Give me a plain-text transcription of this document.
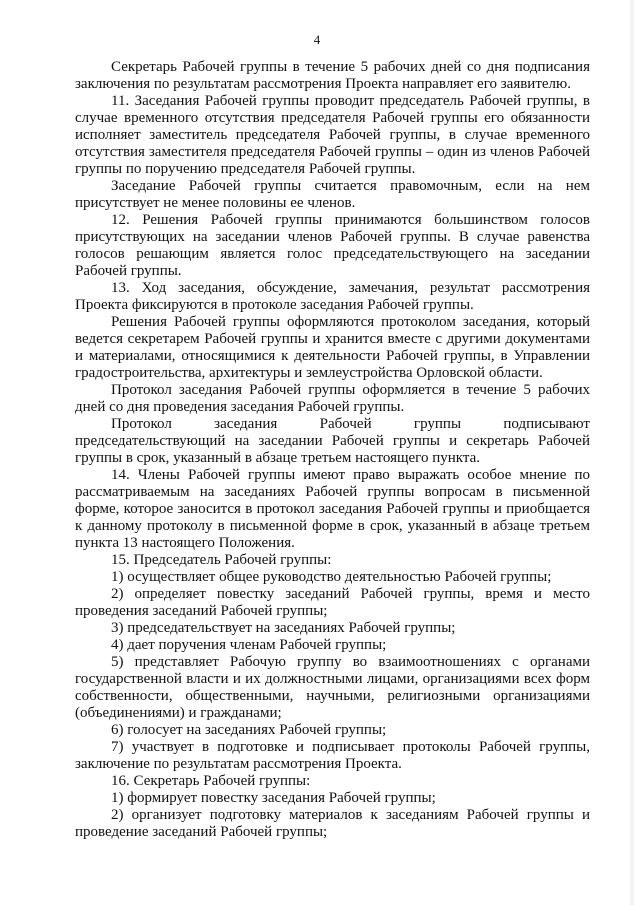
4
Секретарь Рабочей группы в течение 5 рабочих дней со дня подписания
заключения по результатам рассмотрения Проекта направляет его заявителю.
11. Заседания Рабочей группы проводит председатель Рабочей группы, в
случае временного отсутствия председателя Рабочей группы его обязанности
исполняет заместитель председателя Рабочей группы, в случае временного
отсутствия заместителя председателя Рабочей группы – один из членов Рабочей
группы по поручению председателя Рабочей группы.
Заседание Рабочей группы считается правомочным, если на нем
присутствует не менее половины ее членов.
12. Решения Рабочей группы принимаются большинством голосов
присутствующих на заседании членов Рабочей группы. В случае равенства
голосов решающим является голос председательствующего на заседании
Рабочей группы.
13. Ход заседания, обсуждение, замечания, результат рассмотрения
Проекта фиксируются в протоколе заседания Рабочей группы.
Решения Рабочей группы оформляются протоколом заседания, который
ведется секретарем Рабочей группы и хранится вместе с другими документами
и материалами, относящимися к деятельности Рабочей группы, в Управлении
градостроительства, архитектуры и землеустройства Орловской области.
Протокол заседания Рабочей группы оформляется в течение 5 рабочих
дней со дня проведения заседания Рабочей группы.
Протокол заседания Рабочей группы подписывают
председательствующий на заседании Рабочей группы и секретарь Рабочей
группы в срок, указанный в абзаце третьем настоящего пункта.
14. Члены Рабочей группы имеют право выражать особое мнение по
рассматриваемым на заседаниях Рабочей группы вопросам в письменной
форме, которое заносится в протокол заседания Рабочей группы и приобщается
к данному протоколу в письменной форме в срок, указанный в абзаце третьем
пункта 13 настоящего Положения.
15. Председатель Рабочей группы:
1) осуществляет общее руководство деятельностью Рабочей группы;
2) определяет повестку заседаний Рабочей группы, время и место
проведения заседаний Рабочей группы;
3) председательствует на заседаниях Рабочей группы;
4) дает поручения членам Рабочей группы;
5) представляет Рабочую группу во взаимоотношениях с органами
государственной власти и их должностными лицами, организациями всех форм
собственности, общественными, научными, религиозными организациями
(объединениями) и гражданами;
6) голосует на заседаниях Рабочей группы;
7) участвует в подготовке и подписывает протоколы Рабочей группы,
заключение по результатам рассмотрения Проекта.
16. Секретарь Рабочей группы:
1) формирует повестку заседания Рабочей группы;
2) организует подготовку материалов к заседаниям Рабочей группы и
проведение заседаний Рабочей группы;
